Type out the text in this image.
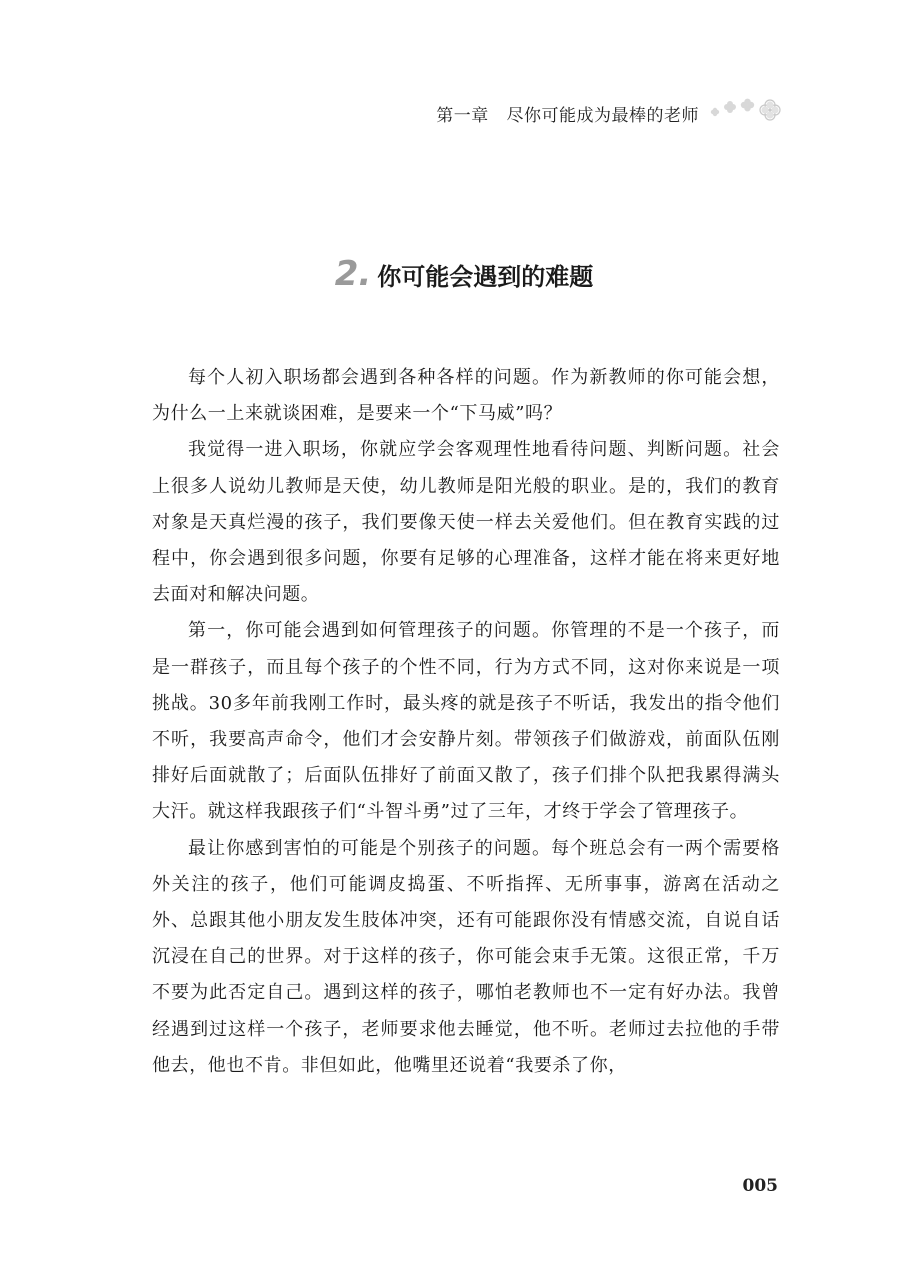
第一章 尽你可能成为最棒的老师
2. 你可能会遇到的难题

每个人初入职场都会遇到各种各样的问题。作为新教师的你可能会想，为什么一上来就谈困难，是要来一个“下马威”吗？

我觉得一进入职场，你就应学会客观理性地看待问题、判断问题。社会上很多人说幼儿教师是天使，幼儿教师是阳光般的职业。是的，我们的教育对象是天真烂漫的孩子，我们要像天使一样去关爱他们。但在教育实践的过程中，你会遇到很多问题，你要有足够的心理准备，这样才能在将来更好地去面对和解决问题。

第一，你可能会遇到如何管理孩子的问题。你管理的不是一个孩子，而是一群孩子，而且每个孩子的个性不同，行为方式不同，这对你来说是一项挑战。30多年前我刚工作时，最头疼的就是孩子不听话，我发出的指令他们不听，我要高声命令，他们才会安静片刻。带领孩子们做游戏，前面队伍刚排好后面就散了；后面队伍排好了前面又散了，孩子们排个队把我累得满头大汗。就这样我跟孩子们“斗智斗勇”过了三年，才终于学会了管理孩子。

最让你感到害怕的可能是个别孩子的问题。每个班总会有一两个需要格外关注的孩子，他们可能调皮捣蛋、不听指挥、无所事事，游离在活动之外、总跟其他小朋友发生肢体冲突，还有可能跟你没有情感交流，自说自话沉浸在自己的世界。对于这样的孩子，你可能会束手无策。这很正常，千万不要为此否定自己。遇到这样的孩子，哪怕老教师也不一定有好办法。我曾经遇到过这样一个孩子，老师要求他去睡觉，他不听。老师过去拉他的手带他去，他也不肯。非但如此，他嘴里还说着“我要杀了你，

005
